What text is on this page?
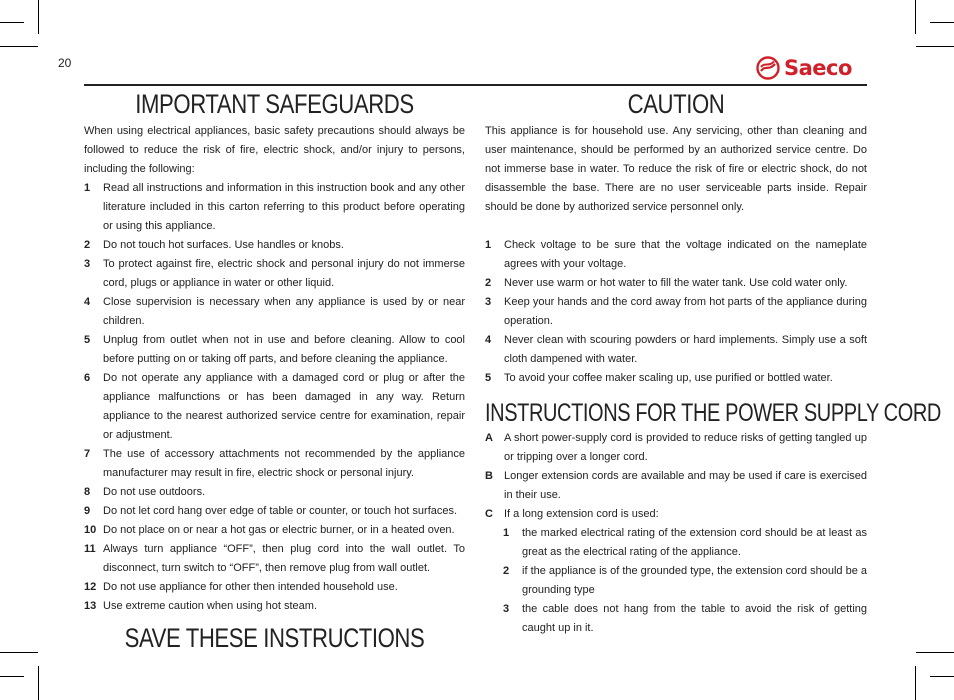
20	Saeco
IMPORTANT SAFEGUARDS

When using electrical appliances, basic safety precautions should always be followed to reduce the risk of fire, electric shock, and/or injury to persons, including the following:

1 Read all instructions and information in this instruction book and any other literature included in this carton referring to this product before operating or using this appliance.
2 Do not touch hot surfaces. Use handles or knobs.
3 To protect against fire, electric shock and personal injury do not immerse cord, plugs or appliance in water or other liquid.
4 Close supervision is necessary when any appliance is used by or near children.
5 Unplug from outlet when not in use and before cleaning. Allow to cool before putting on or taking off parts, and before cleaning the appliance.
6 Do not operate any appliance with a damaged cord or plug or after the appliance malfunctions or has been damaged in any way. Return appliance to the nearest authorized service centre for examination, repair or adjustment.
7 The use of accessory attachments not recommended by the appliance manufacturer may result in fire, electric shock or personal injury.
8 Do not use outdoors.
9 Do not let cord hang over edge of table or counter, or touch hot surfaces.
10 Do not place on or near a hot gas or electric burner, or in a heated oven.
11 Always turn appliance “OFF”, then plug cord into the wall outlet. To disconnect, turn switch to “OFF”, then remove plug from wall outlet.
12 Do not use appliance for other then intended household use.
13 Use extreme caution when using hot steam.
SAVE THESE INSTRUCTIONS
CAUTION

This appliance is for household use. Any servicing, other than cleaning and user maintenance, should be performed by an authorized service centre. Do not immerse base in water. To reduce the risk of fire or electric shock, do not disassemble the base. There are no user serviceable parts inside. Repair should be done by authorized service personnel only.

1 Check voltage to be sure that the voltage indicated on the nameplate agrees with your voltage.
2 Never use warm or hot water to fill the water tank. Use cold water only.
3 Keep your hands and the cord away from hot parts of the appliance during operation.
4 Never clean with scouring powders or hard implements. Simply use a soft cloth dampened with water.
5 To avoid your coffee maker scaling up, use purified or bottled water.
INSTRUCTIONS FOR THE POWER SUPPLY CORD
A A short power-supply cord is provided to reduce risks of getting tangled up or tripping over a longer cord.
B Longer extension cords are available and may be used if care is exercised in their use.
C If a long extension cord is used:
1 the marked electrical rating of the extension cord should be at least as great as the electrical rating of the appliance.
2 if the appliance is of the grounded type, the extension cord should be a grounding type
3 the cable does not hang from the table to avoid the risk of getting caught up in it.
